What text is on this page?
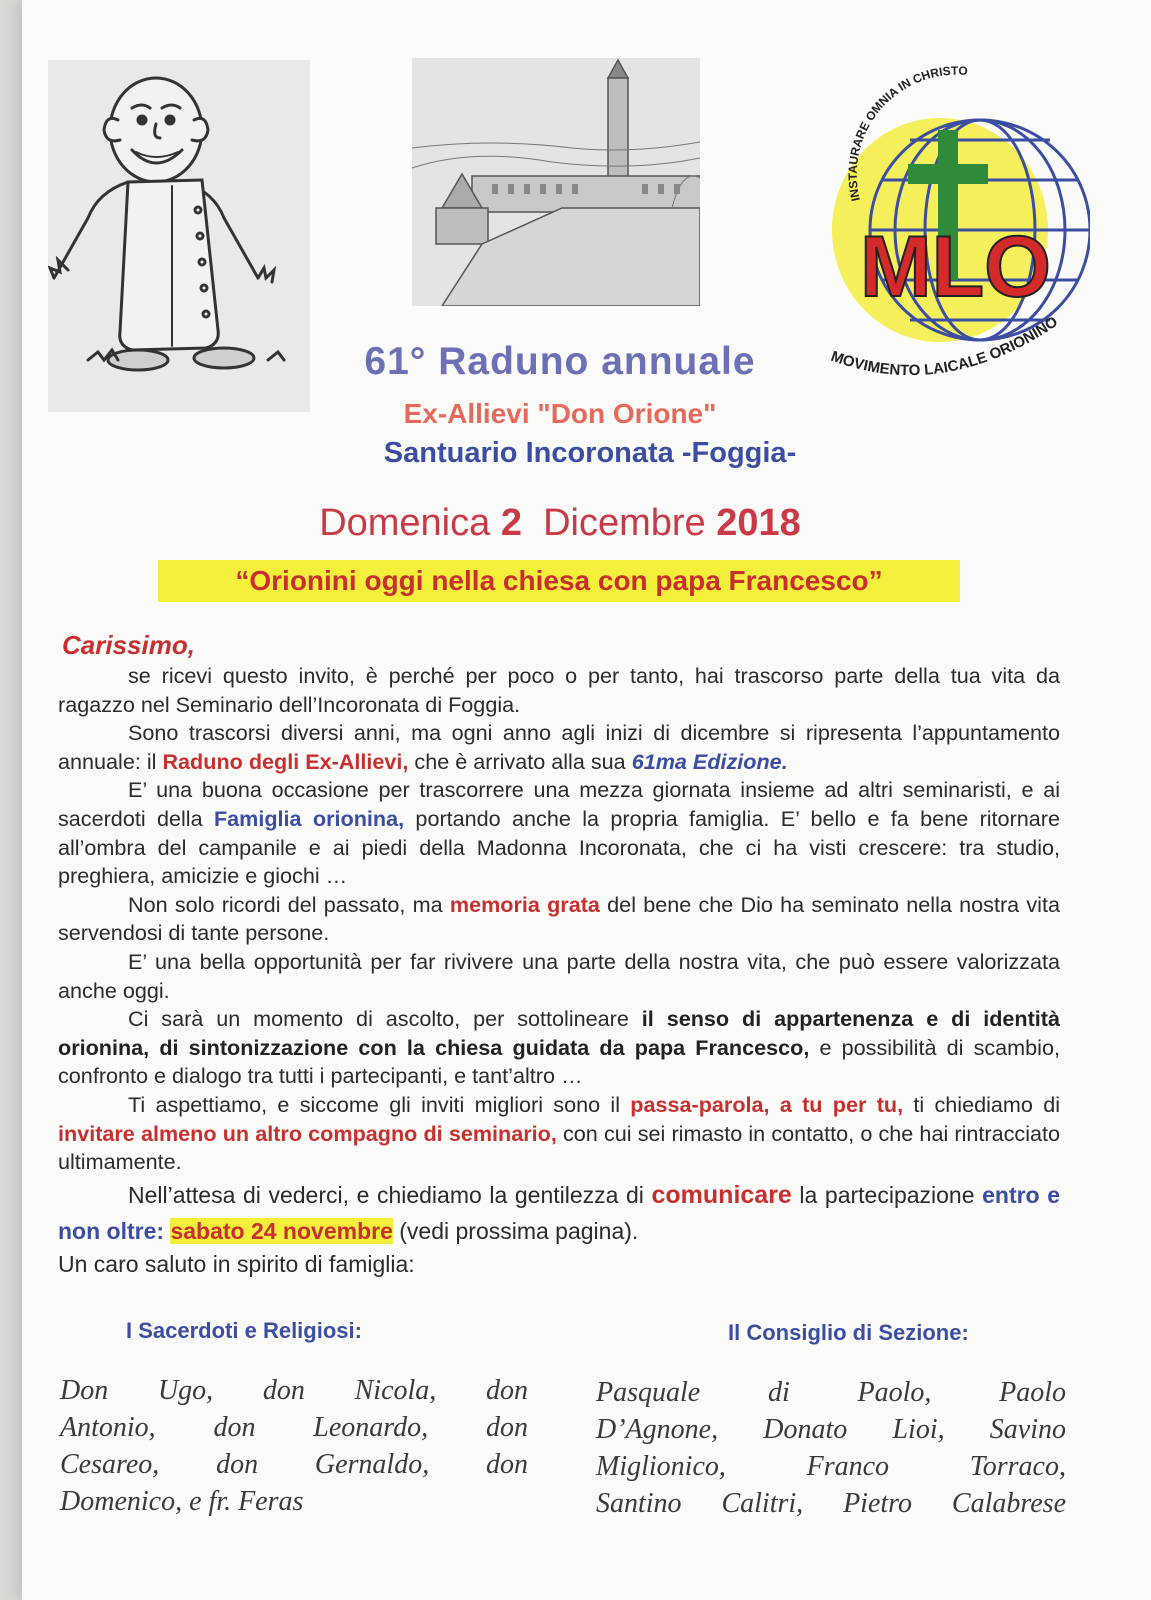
MLO
INSTAURARE OMNIA IN CHRISTO
MOVIMENTO LAICALE ORIONINO
61° Raduno annuale
Ex-Allievi "Don Orione"
Santuario Incoronata -Foggia-
Domenica 2  Dicembre 2018
“Orionini oggi nella chiesa con papa Francesco”
Carissimo,

se ricevi questo invito, è perché per poco o per tanto, hai trascorso parte della tua vita da ragazzo nel Seminario dell’Incoronata di Foggia.

Sono trascorsi diversi anni, ma ogni anno agli inizi di dicembre si ripresenta l’appuntamento annuale: il Raduno degli Ex-Allievi, che è arrivato alla sua 61ma Edizione.

E’ una buona occasione per trascorrere una mezza giornata insieme ad altri seminaristi, e ai sacerdoti della Famiglia orionina, portando anche la propria famiglia. E’ bello e fa bene ritornare all’ombra del campanile e ai piedi della Madonna Incoronata, che ci ha visti crescere: tra studio, preghiera, amicizie e giochi …

Non solo ricordi del passato, ma memoria grata del bene che Dio ha seminato nella nostra vita servendosi di tante persone.

E’ una bella opportunità per far rivivere una parte della nostra vita, che può essere valorizzata anche oggi.

Ci sarà un momento di ascolto, per sottolineare il senso di appartenenza e di identità orionina, di sintonizzazione con la chiesa guidata da papa Francesco, e possibilità di scambio, confronto e dialogo tra tutti i partecipanti, e tant’altro …

Ti aspettiamo, e siccome gli inviti migliori sono il passa-parola, a tu per tu, ti chiediamo di invitare almeno un altro compagno di seminario, con cui sei rimasto in contatto, o che hai rintracciato ultimamente.

Nell’attesa di vederci, e chiediamo la gentilezza di comunicare la partecipazione entro e non oltre: sabato 24 novembre (vedi prossima pagina).

Un caro saluto in spirito di famiglia:

I Sacerdoti e Religiosi:	Il Consiglio di Sezione:
Don Ugo, don Nicola, don
Antonio, don Leonardo, don
Cesareo, don Gernaldo, don
Domenico, e fr. Feras
Pasquale di Paolo, Paolo
D’Agnone, Donato Lioi, Savino
Miglionico, Franco Torraco,
Santino Calitri, Pietro Calabrese
